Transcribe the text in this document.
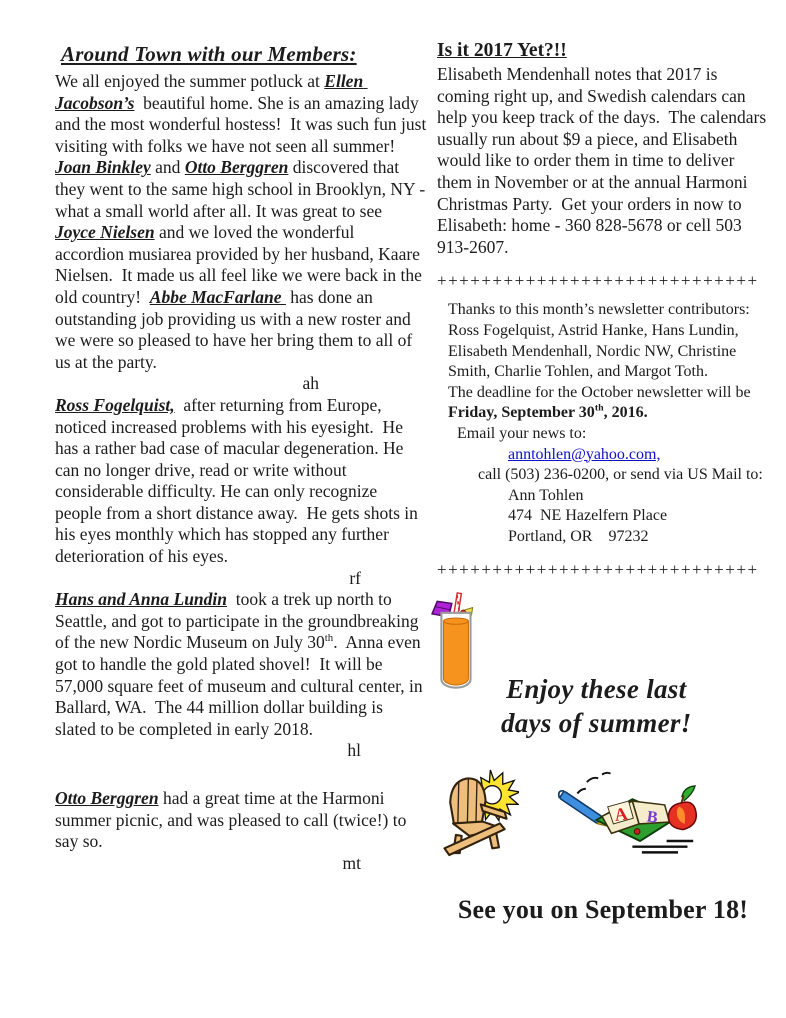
Around Town with our Members:
We all enjoyed the summer potluck at Ellen Jacobson’s  beautiful home. She is an amazing lady and the most wonderful hostess!  It was such fun just visiting with folks we have not seen all summer!
Joan Binkley and Otto Berggren discovered that they went to the same high school in Brooklyn, NY - what a small world after all. It was great to see Joyce Nielsen and we loved the wonderful accordion musiarea provided by her husband, Kaare Nielsen.  It made us all feel like we were back in the old country!  Abbe MacFarlane  has done an outstanding job providing us with a new roster and we were so pleased to have her bring them to all of us at the party.
ah
Ross Fogelquist,  after returning from Europe, noticed increased problems with his eyesight.  He has a rather bad case of macular degeneration. He can no longer drive, read or write without considerable difficulty. He can only recognize people from a short distance away.  He gets shots in his eyes monthly which has stopped any further deterioration of his eyes.
rf
Hans and Anna Lundin  took a trek up north to Seattle, and got to participate in the groundbreaking of the new Nordic Museum on July 30th.  Anna even got to handle the gold plated shovel!  It will be 57,000 square feet of museum and cultural center, in Ballard, WA.  The 44 million dollar building is slated to be completed in early 2018.
hl
Otto Berggren had a great time at the Harmoni summer picnic, and was pleased to call (twice!) to say so.
mt
Is it 2017 Yet?!!
Elisabeth Mendenhall notes that 2017 is coming right up, and Swedish calendars can help you keep track of the days.  The calendars usually run about $9 a piece, and Elisabeth would like to order them in time to deliver them in November or at the annual Harmoni Christmas Party.  Get your orders in now to Elisabeth: home - 360 828-5678 or cell 503 913-2607.
+++++++++++++++++++++++++++++
Thanks to this month’s newsletter contributors:
Ross Fogelquist, Astrid Hanke, Hans Lundin,
Elisabeth Mendenhall, Nordic NW, Christine
Smith, Charlie Tohlen, and Margot Toth.
The deadline for the October newsletter will be
Friday, September 30th, 2016.
Email your news to:
anntohlen@yahoo.com,
call (503) 236-0200, or send via US Mail to:
Ann Tohlen
474  NE Hazelfern Place
Portland, OR    97232
+++++++++++++++++++++++++++++
Enjoy these last
days of summer!
A B
See you on September 18!
